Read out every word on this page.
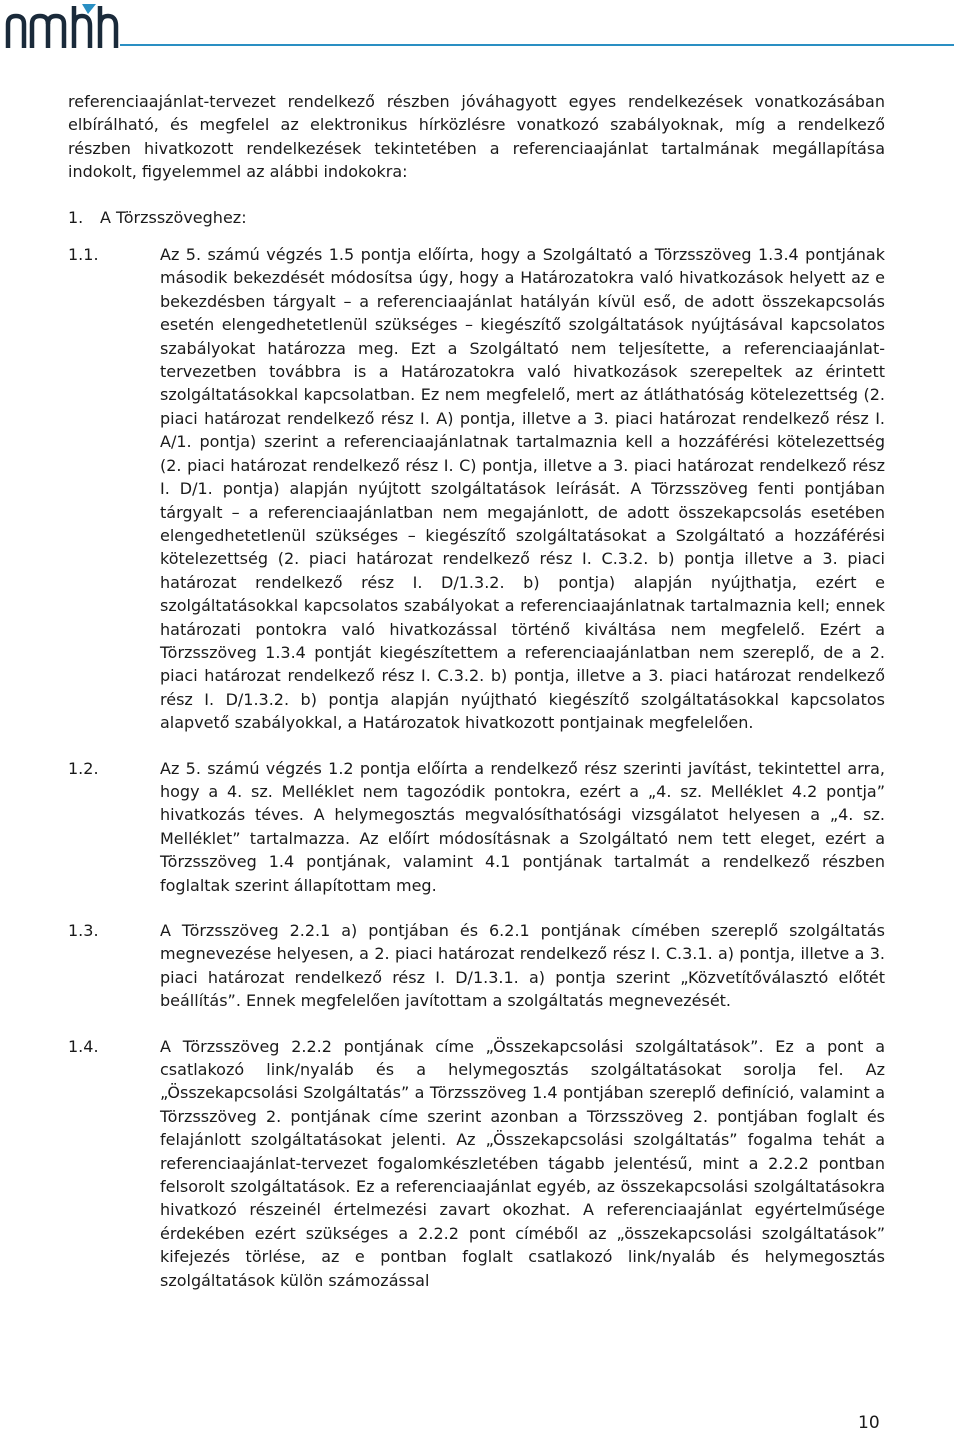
referenciaajánlat-tervezet rendelkező részben jóváhagyott egyes rendelkezések vonatkozásában elbírálható, és megfelel az elektronikus hírközlésre vonatkozó szabályoknak, míg a rendelkező részben hivatkozott rendelkezések tekintetében a referenciaajánlat tartalmának megállapítása indokolt, figyelemmel az alábbi indokokra:

1.	A Törzsszöveghez:
1.1.	Az 5. számú végzés 1.5 pontja előírta, hogy a Szolgáltató a Törzsszöveg 1.3.4 pontjának második bekezdését módosítsa úgy, hogy a Határozatokra való hivatkozások helyett az e bekezdésben tárgyalt – a referenciaajánlat hatályán kívül eső, de adott összekapcsolás esetén elengedhetetlenül szükséges – kiegészítő szolgáltatások nyújtásával kapcsolatos szabályokat határozza meg. Ezt a Szolgáltató nem teljesítette, a referenciaajánlat-tervezetben továbbra is a Határozatokra való hivatkozások szerepeltek az érintett szolgáltatásokkal kapcsolatban. Ez nem megfelelő, mert az átláthatóság kötelezettség (2. piaci határozat rendelkező rész I. A) pontja, illetve a 3. piaci határozat rendelkező rész I. A/1. pontja) szerint a referenciaajánlatnak tartalmaznia kell a hozzáférési kötelezettség (2. piaci határozat rendelkező rész I. C) pontja, illetve a 3. piaci határozat rendelkező rész I. D/1. pontja) alapján nyújtott szolgáltatások leírását. A Törzsszöveg fenti pontjában tárgyalt – a referenciaajánlatban nem megajánlott, de adott összekapcsolás esetében elengedhetetlenül szükséges – kiegészítő szolgáltatásokat a Szolgáltató a hozzáférési kötelezettség (2. piaci határozat rendelkező rész I. C.3.2. b) pontja illetve a 3. piaci határozat rendelkező rész I. D/1.3.2. b) pontja) alapján nyújthatja, ezért e szolgáltatásokkal kapcsolatos szabályokat a referenciaajánlatnak tartalmaznia kell; ennek határozati pontokra való hivatkozással történő kiváltása nem megfelelő. Ezért a Törzsszöveg 1.3.4 pontját kiegészítettem a referenciaajánlatban nem szereplő, de a 2. piaci határozat rendelkező rész I. C.3.2. b) pontja, illetve a 3. piaci határozat rendelkező rész I. D/1.3.2. b) pontja alapján nyújtható kiegészítő szolgáltatásokkal kapcsolatos alapvető szabályokkal, a Határozatok hivatkozott pontjainak megfelelően.

1.2.	Az 5. számú végzés 1.2 pontja előírta a rendelkező rész szerinti javítást, tekintettel arra, hogy a 4. sz. Melléklet nem tagozódik pontokra, ezért a „4. sz. Melléklet 4.2 pontja” hivatkozás téves. A helymegosztás megvalósíthatósági vizsgálatot helyesen a „4. sz. Melléklet” tartalmazza. Az előírt módosításnak a Szolgáltató nem tett eleget, ezért a Törzsszöveg 1.4 pontjának, valamint 4.1 pontjának tartalmát a rendelkező részben foglaltak szerint állapítottam meg.

1.3.	A Törzsszöveg 2.2.1 a) pontjában és 6.2.1 pontjának címében szereplő szolgáltatás megnevezése helyesen, a 2. piaci határozat rendelkező rész I. C.3.1. a) pontja, illetve a 3. piaci határozat rendelkező rész I. D/1.3.1. a) pontja szerint „Közvetítőválasztó előtét beállítás”. Ennek megfelelően javítottam a szolgáltatás megnevezését.

1.4.	A Törzsszöveg 2.2.2 pontjának címe „Összekapcsolási szolgáltatások”. Ez a pont a csatlakozó link/nyaláb és a helymegosztás szolgáltatásokat sorolja fel. Az „Összekapcsolási Szolgáltatás” a Törzsszöveg 1.4 pontjában szereplő definíció, valamint a Törzsszöveg 2. pontjának címe szerint azonban a Törzsszöveg 2. pontjában foglalt és felajánlott szolgáltatásokat jelenti. Az „Összekapcsolási szolgáltatás” fogalma tehát a referenciaajánlat-tervezet fogalomkészletében tágabb jelentésű, mint a 2.2.2 pontban felsorolt szolgáltatások. Ez a referenciaajánlat egyéb, az összekapcsolási szolgáltatásokra hivatkozó részeinél értelmezési zavart okozhat. A referenciaajánlat egyértelműsége érdekében ezért szükséges a 2.2.2 pont címéből az „összekapcsolási szolgáltatások” kifejezés törlése, az e pontban foglalt csatlakozó link/nyaláb és helymegosztás szolgáltatások külön számozással

10
